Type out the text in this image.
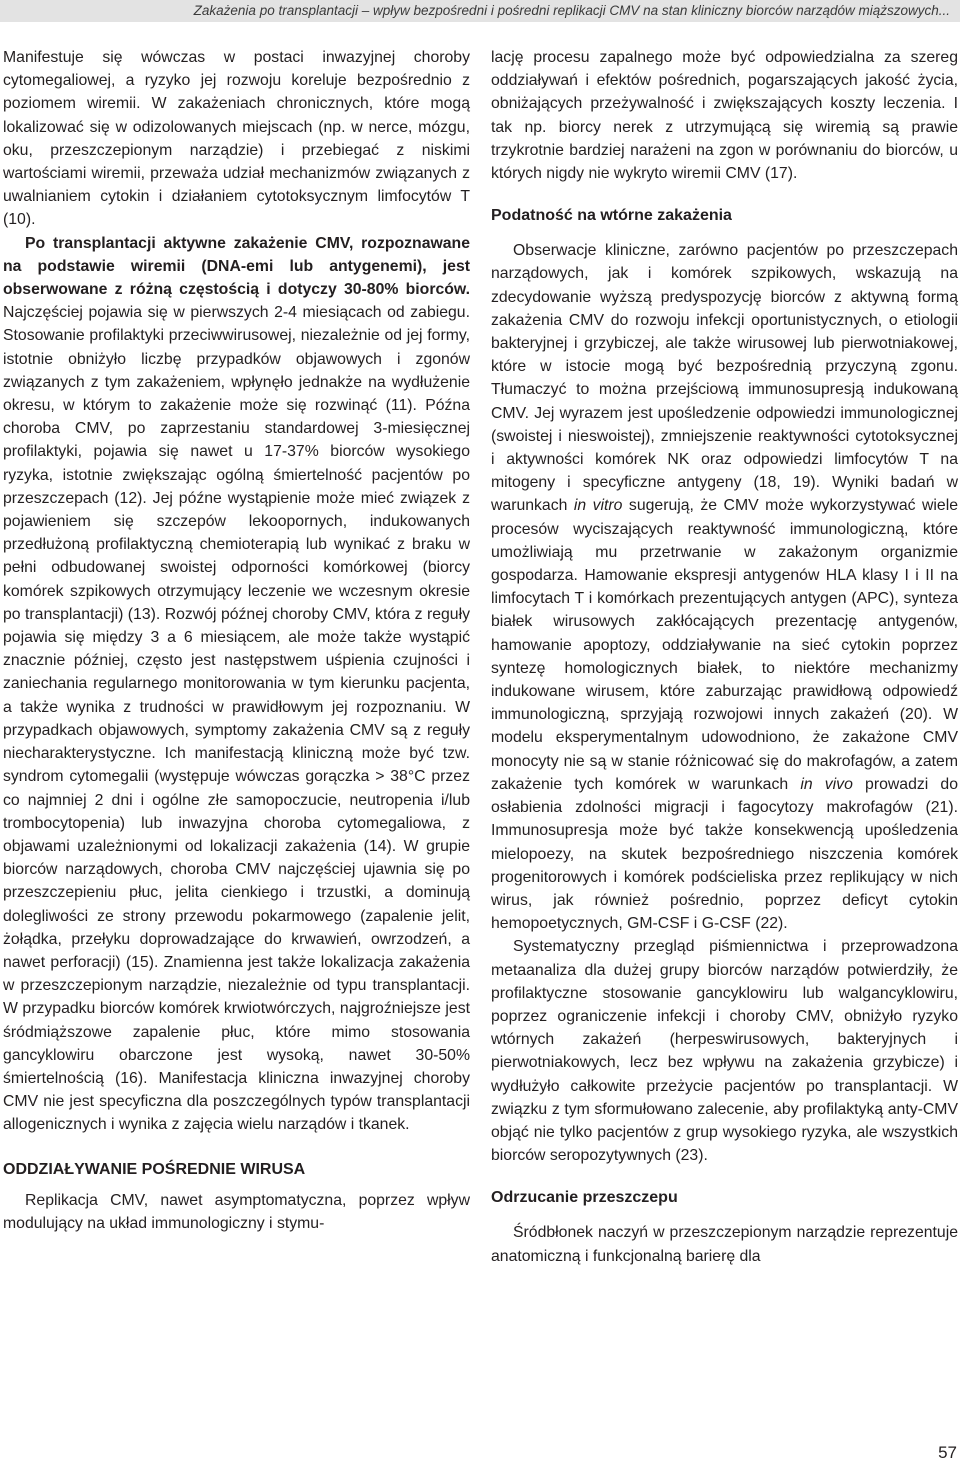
Zakażenia po transplantacji – wpływ bezpośredni i pośredni replikacji CMV na stan kliniczny biorców narządów miąższowych...

Manifestuje się wówczas w postaci inwazyjnej choroby cytomegaliowej, a ryzyko jej rozwoju koreluje bezpośrednio z poziomem wiremii. W zakażeniach chronicznych, które mogą lokalizować się w odizolowanych miejscach (np. w nerce, mózgu, oku, przeszczepionym narządzie) i przebiegać z niskimi wartościami wiremii, przeważa udział mechanizmów związanych z uwalnianiem cytokin i działaniem cytotoksycznym limfocytów T (10).

Po transplantacji aktywne zakażenie CMV, rozpoznawane na podstawie wiremii (DNA-emi lub antygenemi), jest obserwowane z różną częstością i dotyczy 30-80% biorców. Najczęściej pojawia się w pierwszych 2-4 miesiącach od zabiegu. Stosowanie profilaktyki przeciwwirusowej, niezależnie od jej formy, istotnie obniżyło liczbę przypadków objawowych i zgonów związanych z tym zakażeniem, wpłynęło jednakże na wydłużenie okresu, w którym to zakażenie może się rozwinąć (11). Późna choroba CMV, po zaprzestaniu standardowej 3-miesięcznej profilaktyki, pojawia się nawet u 17-37% biorców wysokiego ryzyka, istotnie zwiększając ogólną śmiertelność pacjentów po przeszczepach (12). Jej późne wystąpienie może mieć związek z pojawieniem się szczepów lekoopornych, indukowanych przedłużoną profilaktyczną chemioterapią lub wynikać z braku w pełni odbudowanej swoistej odporności komórkowej (biorcy komórek szpikowych otrzymujący leczenie we wczesnym okresie po transplantacji) (13). Rozwój późnej choroby CMV, która z reguły pojawia się między 3 a 6 miesiącem, ale może także wystąpić znacznie później, często jest następstwem uśpienia czujności i zaniechania regularnego monitorowania w tym kierunku pacjenta, a także wynika z trudności w prawidłowym jej rozpoznaniu. W przypadkach objawowych, symptomy zakażenia CMV są z reguły niecharakterystyczne. Ich manifestacją kliniczną może być tzw. syndrom cytomegalii (występuje wówczas gorączka > 38°C przez co najmniej 2 dni i ogólne złe samopoczucie, neutropenia i/lub trombocytopenia) lub inwazyjna choroba cytomegaliowa, z objawami uzależnionymi od lokalizacji zakażenia (14). W grupie biorców narządowych, choroba CMV najczęściej ujawnia się po przeszczepieniu płuc, jelita cienkiego i trzustki, a dominują dolegliwości ze strony przewodu pokarmowego (zapalenie jelit, żołądka, przełyku doprowadzające do krwawień, owrzodzeń, a nawet perforacji) (15). Znamienna jest także lokalizacja zakażenia w przeszczepionym narządzie, niezależnie od typu transplantacji. W przypadku biorców komórek krwiotwórczych, najgroźniejsze jest śródmiąższowe zapalenie płuc, które mimo stosowania gancyklowiru obarczone jest wysoką, nawet 30-50% śmiertelnością (16). Manifestacja kliniczna inwazyjnej choroby CMV nie jest specyficzna dla poszczególnych typów transplantacji allogenicznych i wynika z zajęcia wielu narządów i tkanek.

ODDZIAŁYWANIE POŚREDNIE WIRUSA

Replikacja CMV, nawet asymptomatyczna, poprzez wpływ modulujący na układ immunologiczny i stymu-

lację procesu zapalnego może być odpowiedzialna za szereg oddziaływań i efektów pośrednich, pogarszających jakość życia, obniżających przeżywalność i zwiększających koszty leczenia. I tak np. biorcy nerek z utrzymującą się wiremią są prawie trzykrotnie bardziej narażeni na zgon w porównaniu do biorców, u których nigdy nie wykryto wiremii CMV (17).

Podatność na wtórne zakażenia

Obserwacje kliniczne, zarówno pacjentów po przeszczepach narządowych, jak i komórek szpikowych, wskazują na zdecydowanie wyższą predyspozycję biorców z aktywną formą zakażenia CMV do rozwoju infekcji oportunistycznych, o etiologii bakteryjnej i grzybiczej, ale także wirusowej lub pierwotniakowej, które w istocie mogą być bezpośrednią przyczyną zgonu. Tłumaczyć to można przejściową immunosupresją indukowaną CMV. Jej wyrazem jest upośledzenie odpowiedzi immunologicznej (swoistej i nieswoistej), zmniejszenie reaktywności cytotoksycznej i aktywności komórek NK oraz odpowiedzi limfocytów T na mitogeny i specyficzne antygeny (18, 19). Wyniki badań w warunkach in vitro sugerują, że CMV może wykorzystywać wiele procesów wyciszających reaktywność immunologiczną, które umożliwiają mu przetrwanie w zakażonym organizmie gospodarza. Hamowanie ekspresji antygenów HLA klasy I i II na limfocytach T i komórkach prezentujących antygen (APC), synteza białek wirusowych zakłócających prezentację antygenów, hamowanie apoptozy, oddziaływanie na sieć cytokin poprzez syntezę homologicznych białek, to niektóre mechanizmy indukowane wirusem, które zaburzając prawidłową odpowiedź immunologiczną, sprzyjają rozwojowi innych zakażeń (20). W modelu eksperymentalnym udowodniono, że zakażone CMV monocyty nie są w stanie różnicować się do makrofagów, a zatem zakażenie tych komórek w warunkach in vivo prowadzi do osłabienia zdolności migracji i fagocytozy makrofagów (21). Immunosupresja może być także konsekwencją upośledzenia mielopoezy, na skutek bezpośredniego niszczenia komórek progenitorowych i komórek podścieliska przez replikujący w nich wirus, jak również pośrednio, poprzez deficyt cytokin hemopoetycznych, GM-CSF i G-CSF (22).

Systematyczny przegląd piśmiennictwa i przeprowadzona metaanaliza dla dużej grupy biorców narządów potwierdziły, że profilaktyczne stosowanie gancyklowiru lub walgancyklowiru, poprzez ograniczenie infekcji i choroby CMV, obniżyło ryzyko wtórnych zakażeń (herpeswirusowych, bakteryjnych i pierwotniakowych, lecz bez wpływu na zakażenia grzybicze) i wydłużyło całkowite przeżycie pacjentów po transplantacji. W związku z tym sformułowano zalecenie, aby profilaktyką anty-CMV objąć nie tylko pacjentów z grup wysokiego ryzyka, ale wszystkich biorców seropozytywnych (23).

Odrzucanie przeszczepu

Śródbłonek naczyń w przeszczepionym narządzie reprezentuje anatomiczną i funkcjonalną barierę dla

57
